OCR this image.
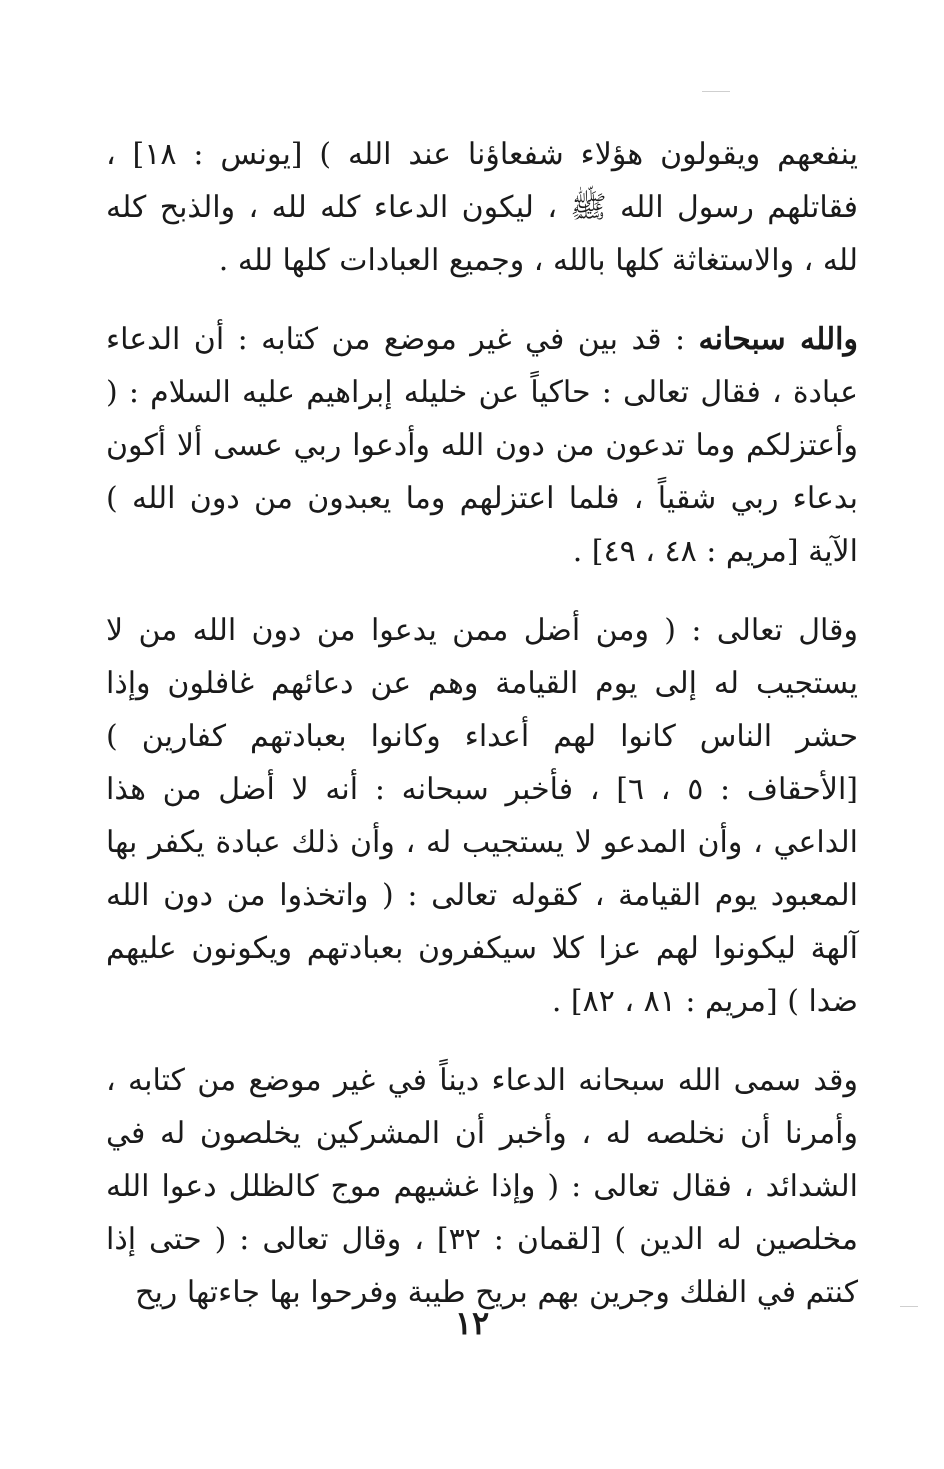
ينفعهم ويقولون هؤلاء شفعاؤنا عند الله ) [يونس : ١٨] ، فقاتلهم رسول الله ﷺ ، ليكون الدعاء كله لله ، والذبح كله لله ، والاستغاثة كلها بالله ، وجميع العبادات كلها لله .

والله سبحانه : قد بين في غير موضع من كتابه : أن الدعاء عبادة ، فقال تعالى : حاكياً عن خليله إبراهيم عليه السلام : ( وأعتزلكم وما تدعون من دون الله وأدعوا ربي عسى ألا أكون بدعاء ربي شقياً ، فلما اعتزلهم وما يعبدون من دون الله ) الآية [مريم : ٤٨ ، ٤٩] .

وقال تعالى : ( ومن أضل ممن يدعوا من دون الله من لا يستجيب له إلى يوم القيامة وهم عن دعائهم غافلون وإذا حشر الناس كانوا لهم أعداء وكانوا بعبادتهم كفارين ) [الأحقاف : ٥ ، ٦] ، فأخبر سبحانه : أنه لا أضل من هذا الداعي ، وأن المدعو لا يستجيب له ، وأن ذلك عبادة يكفر بها المعبود يوم القيامة ، كقوله تعالى : ( واتخذوا من دون الله آلهة ليكونوا لهم عزا كلا سيكفرون بعبادتهم ويكونون عليهم ضدا ) [مريم : ٨١ ، ٨٢] .

وقد سمى الله سبحانه الدعاء ديناً في غير موضع من كتابه ، وأمرنا أن نخلصه له ، وأخبر أن المشركين يخلصون له في الشدائد ، فقال تعالى : ( وإذا غشيهم موج كالظلل دعوا الله مخلصين له الدين ) [لقمان : ٣٢] ، وقال تعالى : ( حتى إذا كنتم في الفلك وجرين بهم بريح طيبة وفرحوا بها جاءتها ريح

١٢
